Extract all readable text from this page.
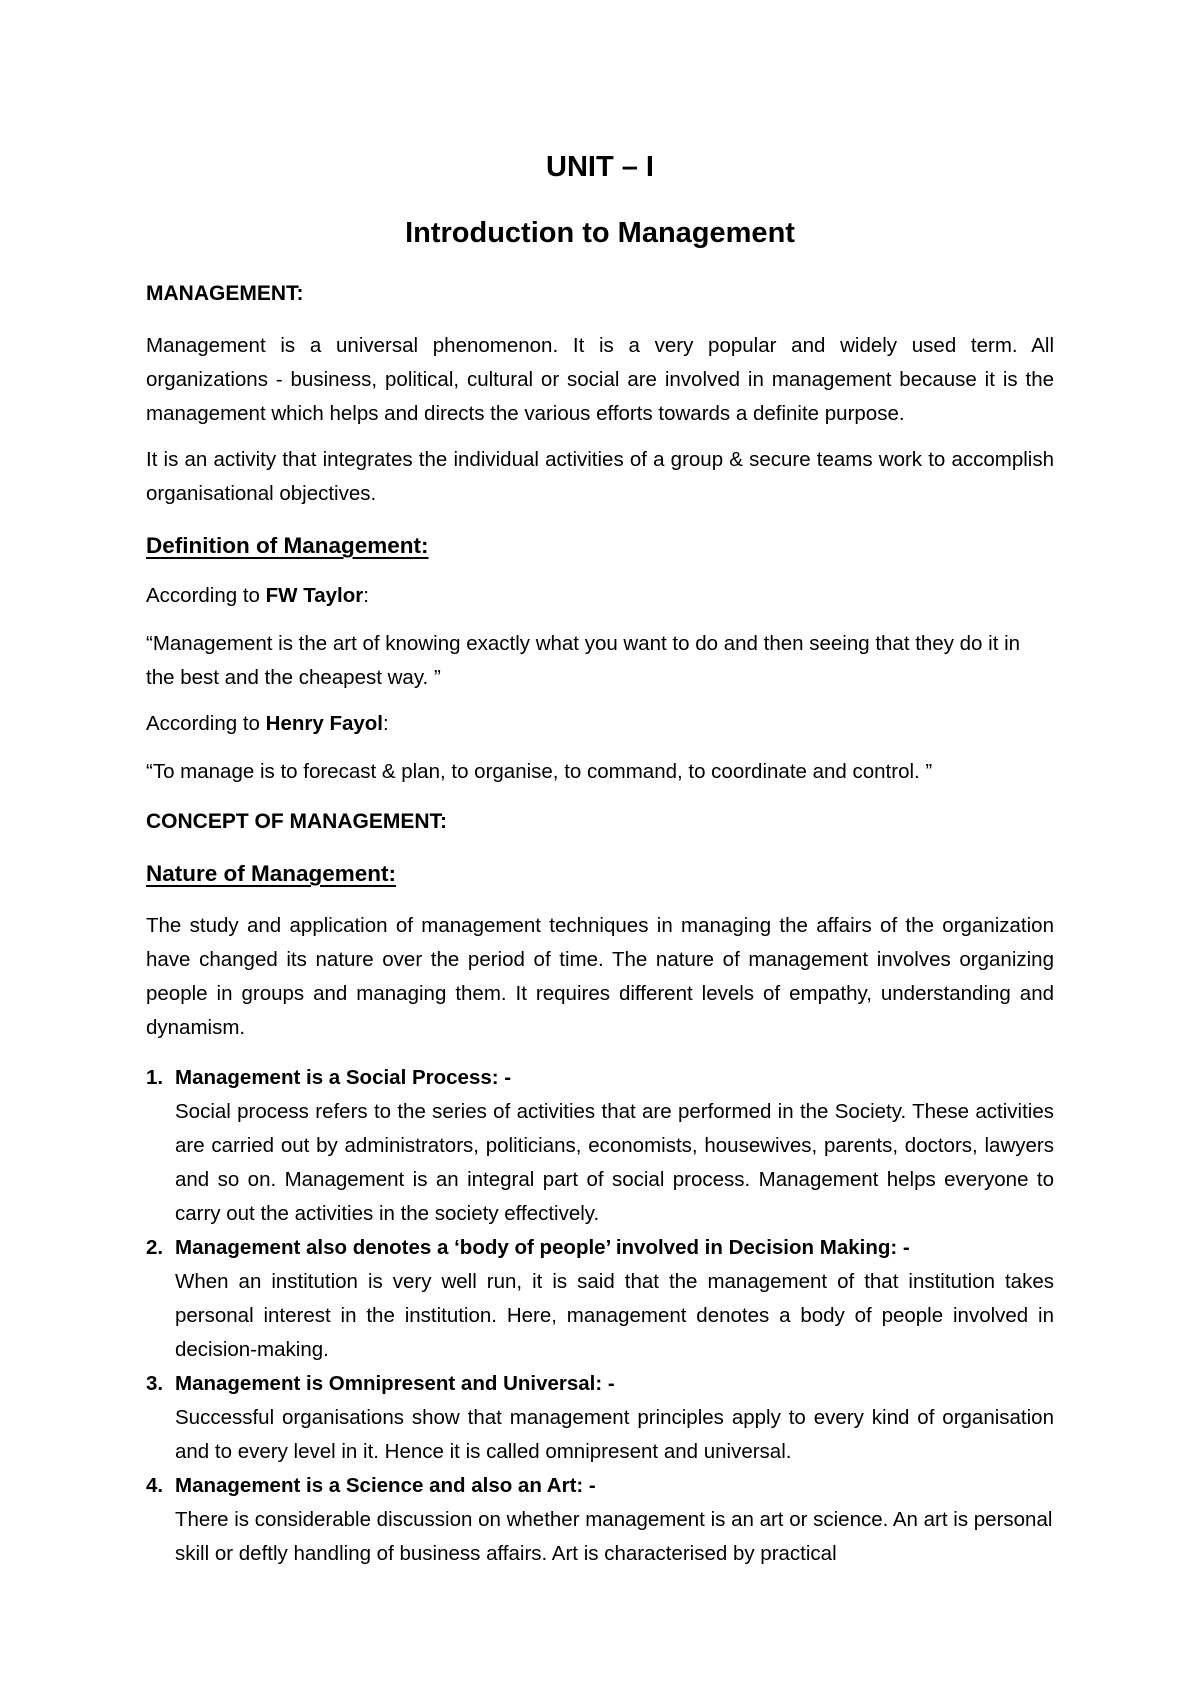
UNIT – I
Introduction to Management

MANAGEMENT:

Management is a universal phenomenon. It is a very popular and widely used term. All organizations - business, political, cultural or social are involved in management because it is the management which helps and directs the various efforts towards a definite purpose.

It is an activity that integrates the individual activities of a group & secure teams work to accomplish organisational objectives.

Definition of Management:

According to FW Taylor:

“Management is the art of knowing exactly what you want to do and then seeing that they do it in the best and the cheapest way. ”

According to Henry Fayol:

“To manage is to forecast & plan, to organise, to command, to coordinate and control. ”

CONCEPT OF MANAGEMENT:

Nature of Management:

The study and application of management techniques in managing the affairs of the organization have changed its nature over the period of time. The nature of management involves organizing people in groups and managing them. It requires different levels of empathy, understanding and dynamism.

1. Management is a Social Process: -
Social process refers to the series of activities that are performed in the Society. These activities are carried out by administrators, politicians, economists, housewives, parents, doctors, lawyers and so on. Management is an integral part of social process. Management helps everyone to carry out the activities in the society effectively.
2. Management also denotes a ‘body of people’ involved in Decision Making: -
When an institution is very well run, it is said that the management of that institution takes personal interest in the institution. Here, management denotes a body of people involved in decision-making.
3. Management is Omnipresent and Universal: -
Successful organisations show that management principles apply to every kind of organisation and to every level in it. Hence it is called omnipresent and universal.
4. Management is a Science and also an Art: -
There is considerable discussion on whether management is an art or science. An art is personal skill or deftly handling of business affairs. Art is characterised by practical
